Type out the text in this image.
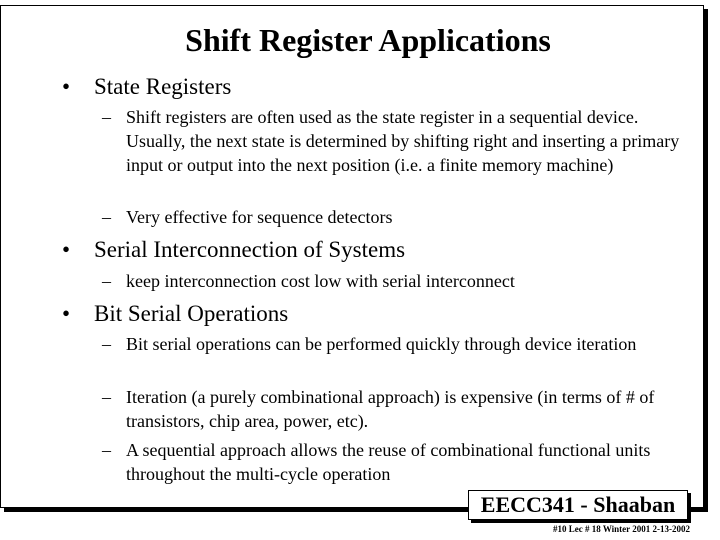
Shift Register Applications
•	State Registers
– Shift registers are often used as the state register in a sequential device. Usually, the next state is determined by shifting right and inserting a primary input or output into the next position (i.e. a finite memory machine)
– Very effective for sequence detectors
•	Serial Interconnection of Systems
– keep interconnection cost low with serial interconnect
•	Bit Serial Operations
– Bit serial operations can be performed quickly through device iteration
– Iteration (a purely combinational approach) is expensive (in terms of # of transistors, chip area, power, etc).
– A sequential approach allows the reuse of combinational functional units throughout the multi-cycle operation
EECC341 - Shaaban
#10 Lec # 18 Winter 2001 2-13-2002
